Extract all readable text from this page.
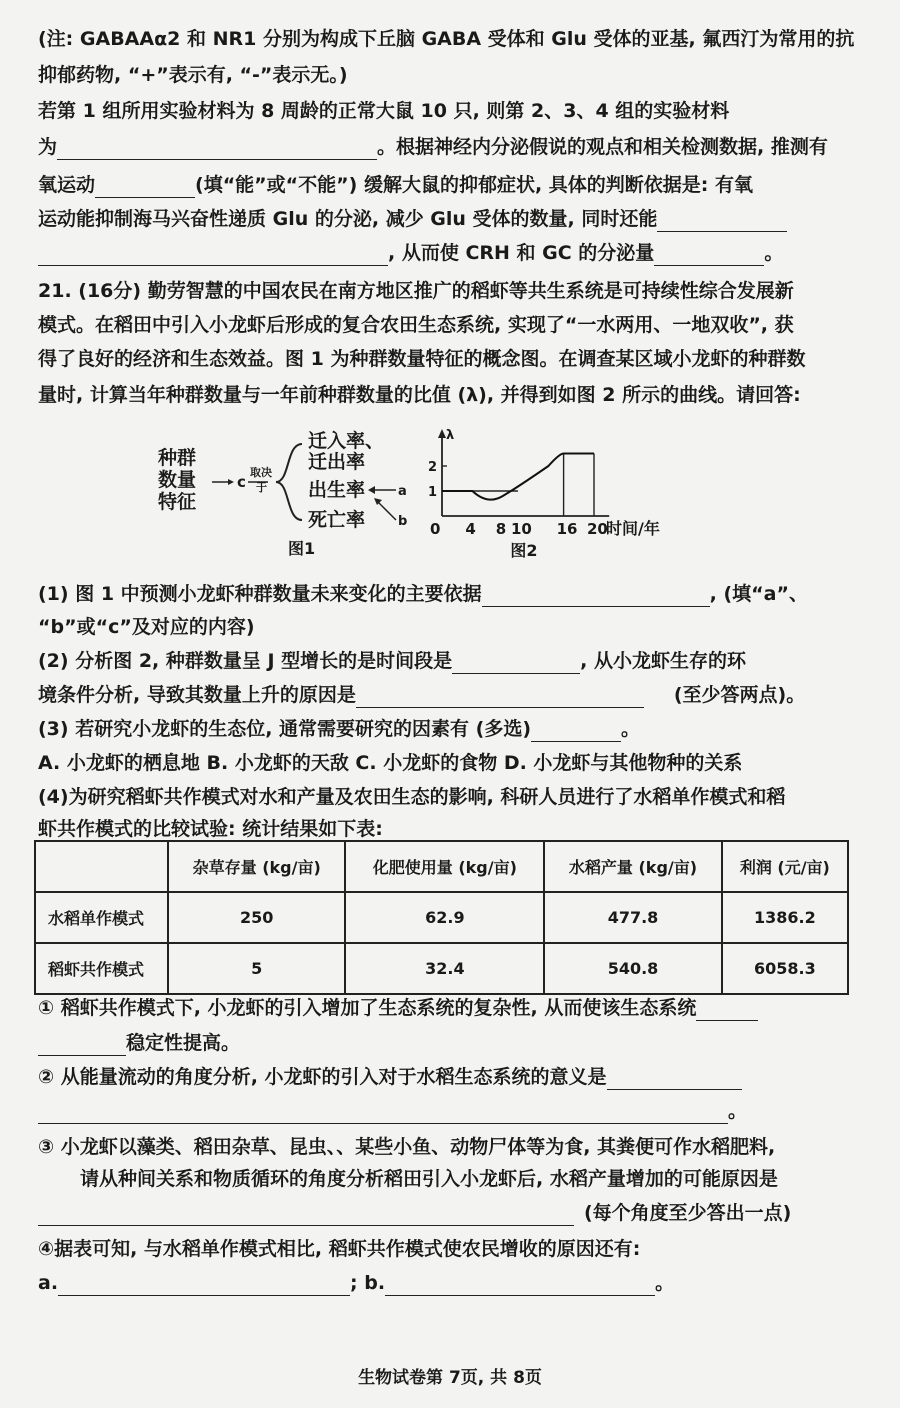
(注: GABAAα2 和 NR1 分别为构成下丘脑 GABA 受体和 Glu 受体的亚基, 氟西汀为常用的抗
抑郁药物, “+”表示有, “-”表示无。)
若第 1 组所用实验材料为 8 周龄的正常大鼠 10 只, 则第 2、3、4 组的实验材料
为	。根据神经内分泌假说的观点和相关检测数据, 推测有
氧运动	(填“能”或“不能”) 缓解大鼠的抑郁症状, 具体的判断依据是: 有氧
运动能抑制海马兴奋性递质 Glu 的分泌, 减少 Glu 受体的数量, 同时还能
, 从而使 CRH 和 GC 的分泌量	。
21. (16分) 勤劳智慧的中国农民在南方地区推广的稻虾等共生系统是可持续性综合发展新
模式。在稻田中引入小龙虾后形成的复合农田生态系统, 实现了“一水两用、一地双收”, 获
得了良好的经济和生态效益。图 1 为种群数量特征的概念图。在调查某区域小龙虾的种群数
量时, 计算当年种群数量与一年前种群数量的比值 (λ), 并得到如图 2 所示的曲线。请回答:
种群
数量
特征
c
取决
于
迁入率、
迁出率
出生率
死亡率
a
b
图1
λ
1
2
0 4 8 10 16 20
时间/年
图2
(1) 图 1 中预测小龙虾种群数量未来变化的主要依据	, (填“a”、
“b”或“c”及对应的内容)
(2) 分析图 2, 种群数量呈 J 型增长的是时间段是	, 从小龙虾生存的环
境条件分析, 导致其数量上升的原因是	(至少答两点)。
(3) 若研究小龙虾的生态位, 通常需要研究的因素有 (多选)	。
A. 小龙虾的栖息地 B. 小龙虾的天敌 C. 小龙虾的食物 D. 小龙虾与其他物种的关系
(4)为研究稻虾共作模式对水和产量及农田生态的影响, 科研人员进行了水稻单作模式和稻
虾共作模式的比较试验: 统计结果如下表:
	杂草存量 (kg/亩)	化肥使用量 (kg/亩)	水稻产量 (kg/亩)	利润 (元/亩)
水稻单作模式	250	62.9	477.8	1386.2
稻虾共作模式	5	32.4	540.8	6058.3
① 稻虾共作模式下, 小龙虾的引入增加了生态系统的复杂性, 从而使该生态系统
稳定性提高。
② 从能量流动的角度分析, 小龙虾的引入对于水稻生态系统的意义是
。
③ 小龙虾以藻类、稻田杂草、昆虫、、某些小鱼、动物尸体等为食, 其粪便可作水稻肥料,
请从种间关系和物质循环的角度分析稻田引入小龙虾后, 水稻产量增加的可能原因是
(每个角度至少答出一点)
④据表可知, 与水稻单作模式相比, 稻虾共作模式使农民增收的原因还有:
a.	; b.	。
生物试卷第 7页, 共 8页
